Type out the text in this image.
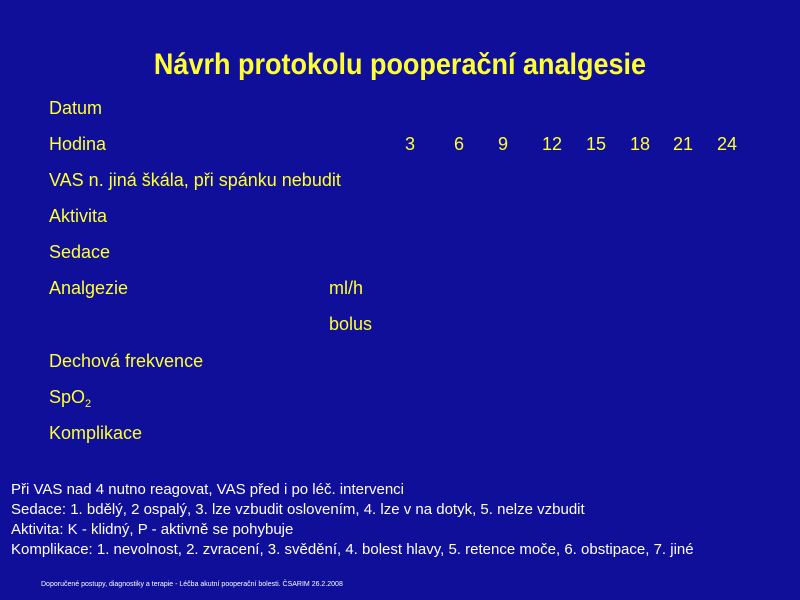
Návrh protokolu pooperační analgesie
Datum
Hodina	3	6	9	12 15 18 21 24
VAS n. jiná škála, při spánku nebudit
Aktivita
Sedace
Analgezie	ml/h
bolus
Dechová frekvence
SpO$_2$
Komplikace
Při VAS nad 4 nutno reagovat, VAS před i po léč. intervenci
Sedace: 1. bdělý, 2 ospalý, 3. lze vzbudit oslovením, 4. lze v na dotyk, 5. nelze vzbudit
Aktivita: K - klidný, P - aktivně se pohybuje
Komplikace: 1. nevolnost, 2. zvracení, 3. svědění, 4. bolest hlavy, 5. retence moče, 6. obstipace, 7. jiné
Doporučené postupy, diagnostiky a terapie - Léčba akutní pooperační bolesti. ČSARIM 26.2.2008
